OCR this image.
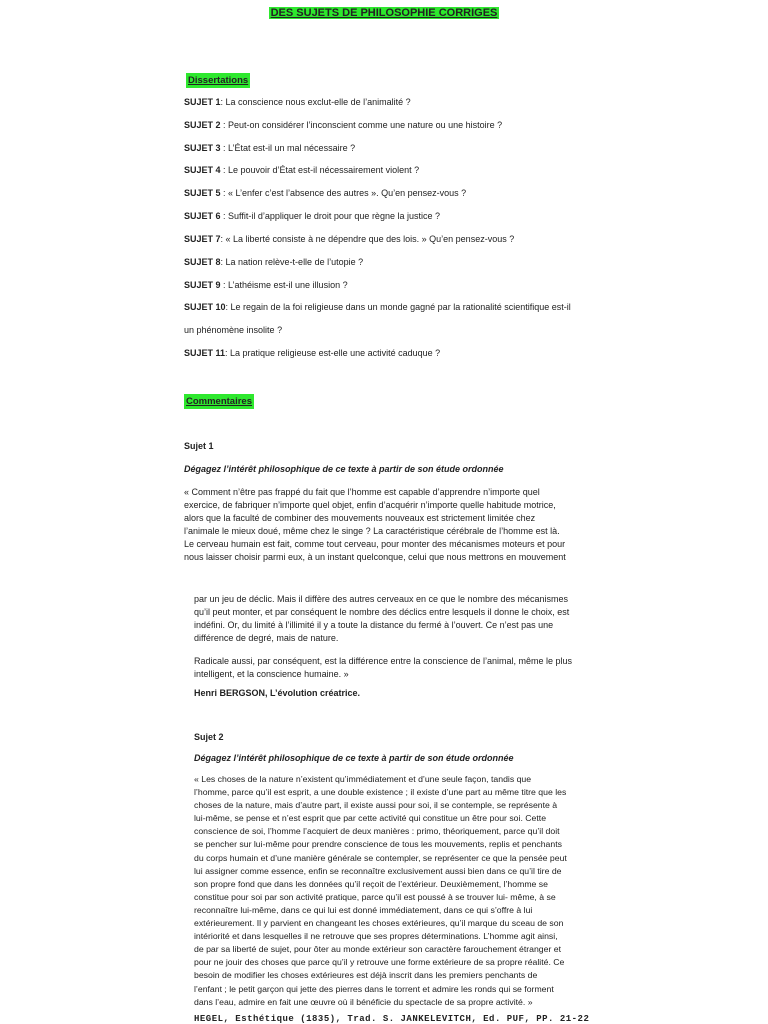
DES SUJETS DE PHILOSOPHIE CORRIGES
Dissertations

SUJET 1: La conscience nous exclut-elle de l’animalité ?

SUJET 2 : Peut-on considérer l’inconscient comme une nature ou une histoire ?

SUJET 3 : L’État est-il un mal nécessaire ?

SUJET 4 : Le pouvoir d’État est-il nécessairement violent ?

SUJET 5 : « L’enfer c’est l’absence des autres ». Qu’en pensez-vous ?

SUJET 6 : Suffit-il d’appliquer le droit pour que règne la justice ?

SUJET 7: « La liberté consiste à ne dépendre que des lois. » Qu’en pensez-vous ?

SUJET 8: La nation relève-t-elle de l’utopie ?

SUJET 9 : L’athéisme est-il une illusion ?

SUJET 10: Le regain de la foi religieuse dans un monde gagné par la rationalité scientifique est-il

un phénomène insolite ?

SUJET 11: La pratique religieuse est-elle une activité caduque ?

Commentaires

Sujet 1

Dégagez l’intérêt philosophique de ce texte à partir de son étude ordonnée

« Comment n’être pas frappé du fait que l’homme est capable d’apprendre n’importe quel
exercice, de fabriquer n’importe quel objet, enfin d’acquérir n’importe quelle habitude motrice,
alors que la faculté de combiner des mouvements nouveaux est strictement limitée chez
l’animale le mieux doué, même chez le singe ? La caractéristique cérébrale de l’homme est là.
Le cerveau humain est fait, comme tout cerveau, pour monter des mécanismes moteurs et pour
nous laisser choisir parmi eux, à un instant quelconque, celui que nous mettrons en mouvement
par un jeu de déclic. Mais il diffère des autres cerveaux en ce que le nombre des mécanismes
qu’il peut monter, et par conséquent le nombre des déclics entre lesquels il donne le choix, est
indéfini. Or, du limité à l’illimité il y a toute la distance du fermé à l’ouvert. Ce n’est pas une
différence de degré, mais de nature.
Radicale aussi, par conséquent, est la différence entre la conscience de l’animal, même le plus
intelligent, et la conscience humaine. »

Henri BERGSON, L’évolution créatrice.

Sujet 2

Dégagez l’intérêt philosophique de ce texte à partir de son étude ordonnée

« Les choses de la nature n’existent qu’immédiatement et d’une seule façon, tandis que
l’homme, parce qu’il est esprit, a une double existence ; il existe d’une part au même titre que les
choses de la nature, mais d’autre part, il existe aussi pour soi, il se contemple, se représente à
lui-même, se pense et n’est esprit que par cette activité qui constitue un être pour soi. Cette
conscience de soi, l’homme l’acquiert de deux manières : primo, théoriquement, parce qu’il doit
se pencher sur lui-même pour prendre conscience de tous les mouvements, replis et penchants
du corps humain et d’une manière générale se contempler, se représenter ce que la pensée peut
lui assigner comme essence, enfin se reconnaître exclusivement aussi bien dans ce qu’il tire de
son propre fond que dans les données qu’il reçoit de l’extérieur. Deuxièmement, l’homme se
constitue pour soi par son activité pratique, parce qu’il est poussé à se trouver lui- même, à se
reconnaître lui-même, dans ce qui lui est donné immédiatement, dans ce qui s’offre à lui
extérieurement. Il y parvient en changeant les choses extérieures, qu’il marque du sceau de son
intériorité et dans lesquelles il ne retrouve que ses propres déterminations. L’homme agit ainsi,
de par sa liberté de sujet, pour ôter au monde extérieur son caractère farouchement étranger et
pour ne jouir des choses que parce qu’il y retrouve une forme extérieure de sa propre réalité. Ce
besoin de modifier les choses extérieures est déjà inscrit dans les premiers penchants de
l’enfant ; le petit garçon qui jette des pierres dans le torrent et admire les ronds qui se forment
dans l’eau, admire en fait une œuvre où il bénéficie du spectacle de sa propre activité. »

HEGEL, Esthétique (1835), Trad. S. JANKELEVITCH, Ed. PUF, PP. 21-22
